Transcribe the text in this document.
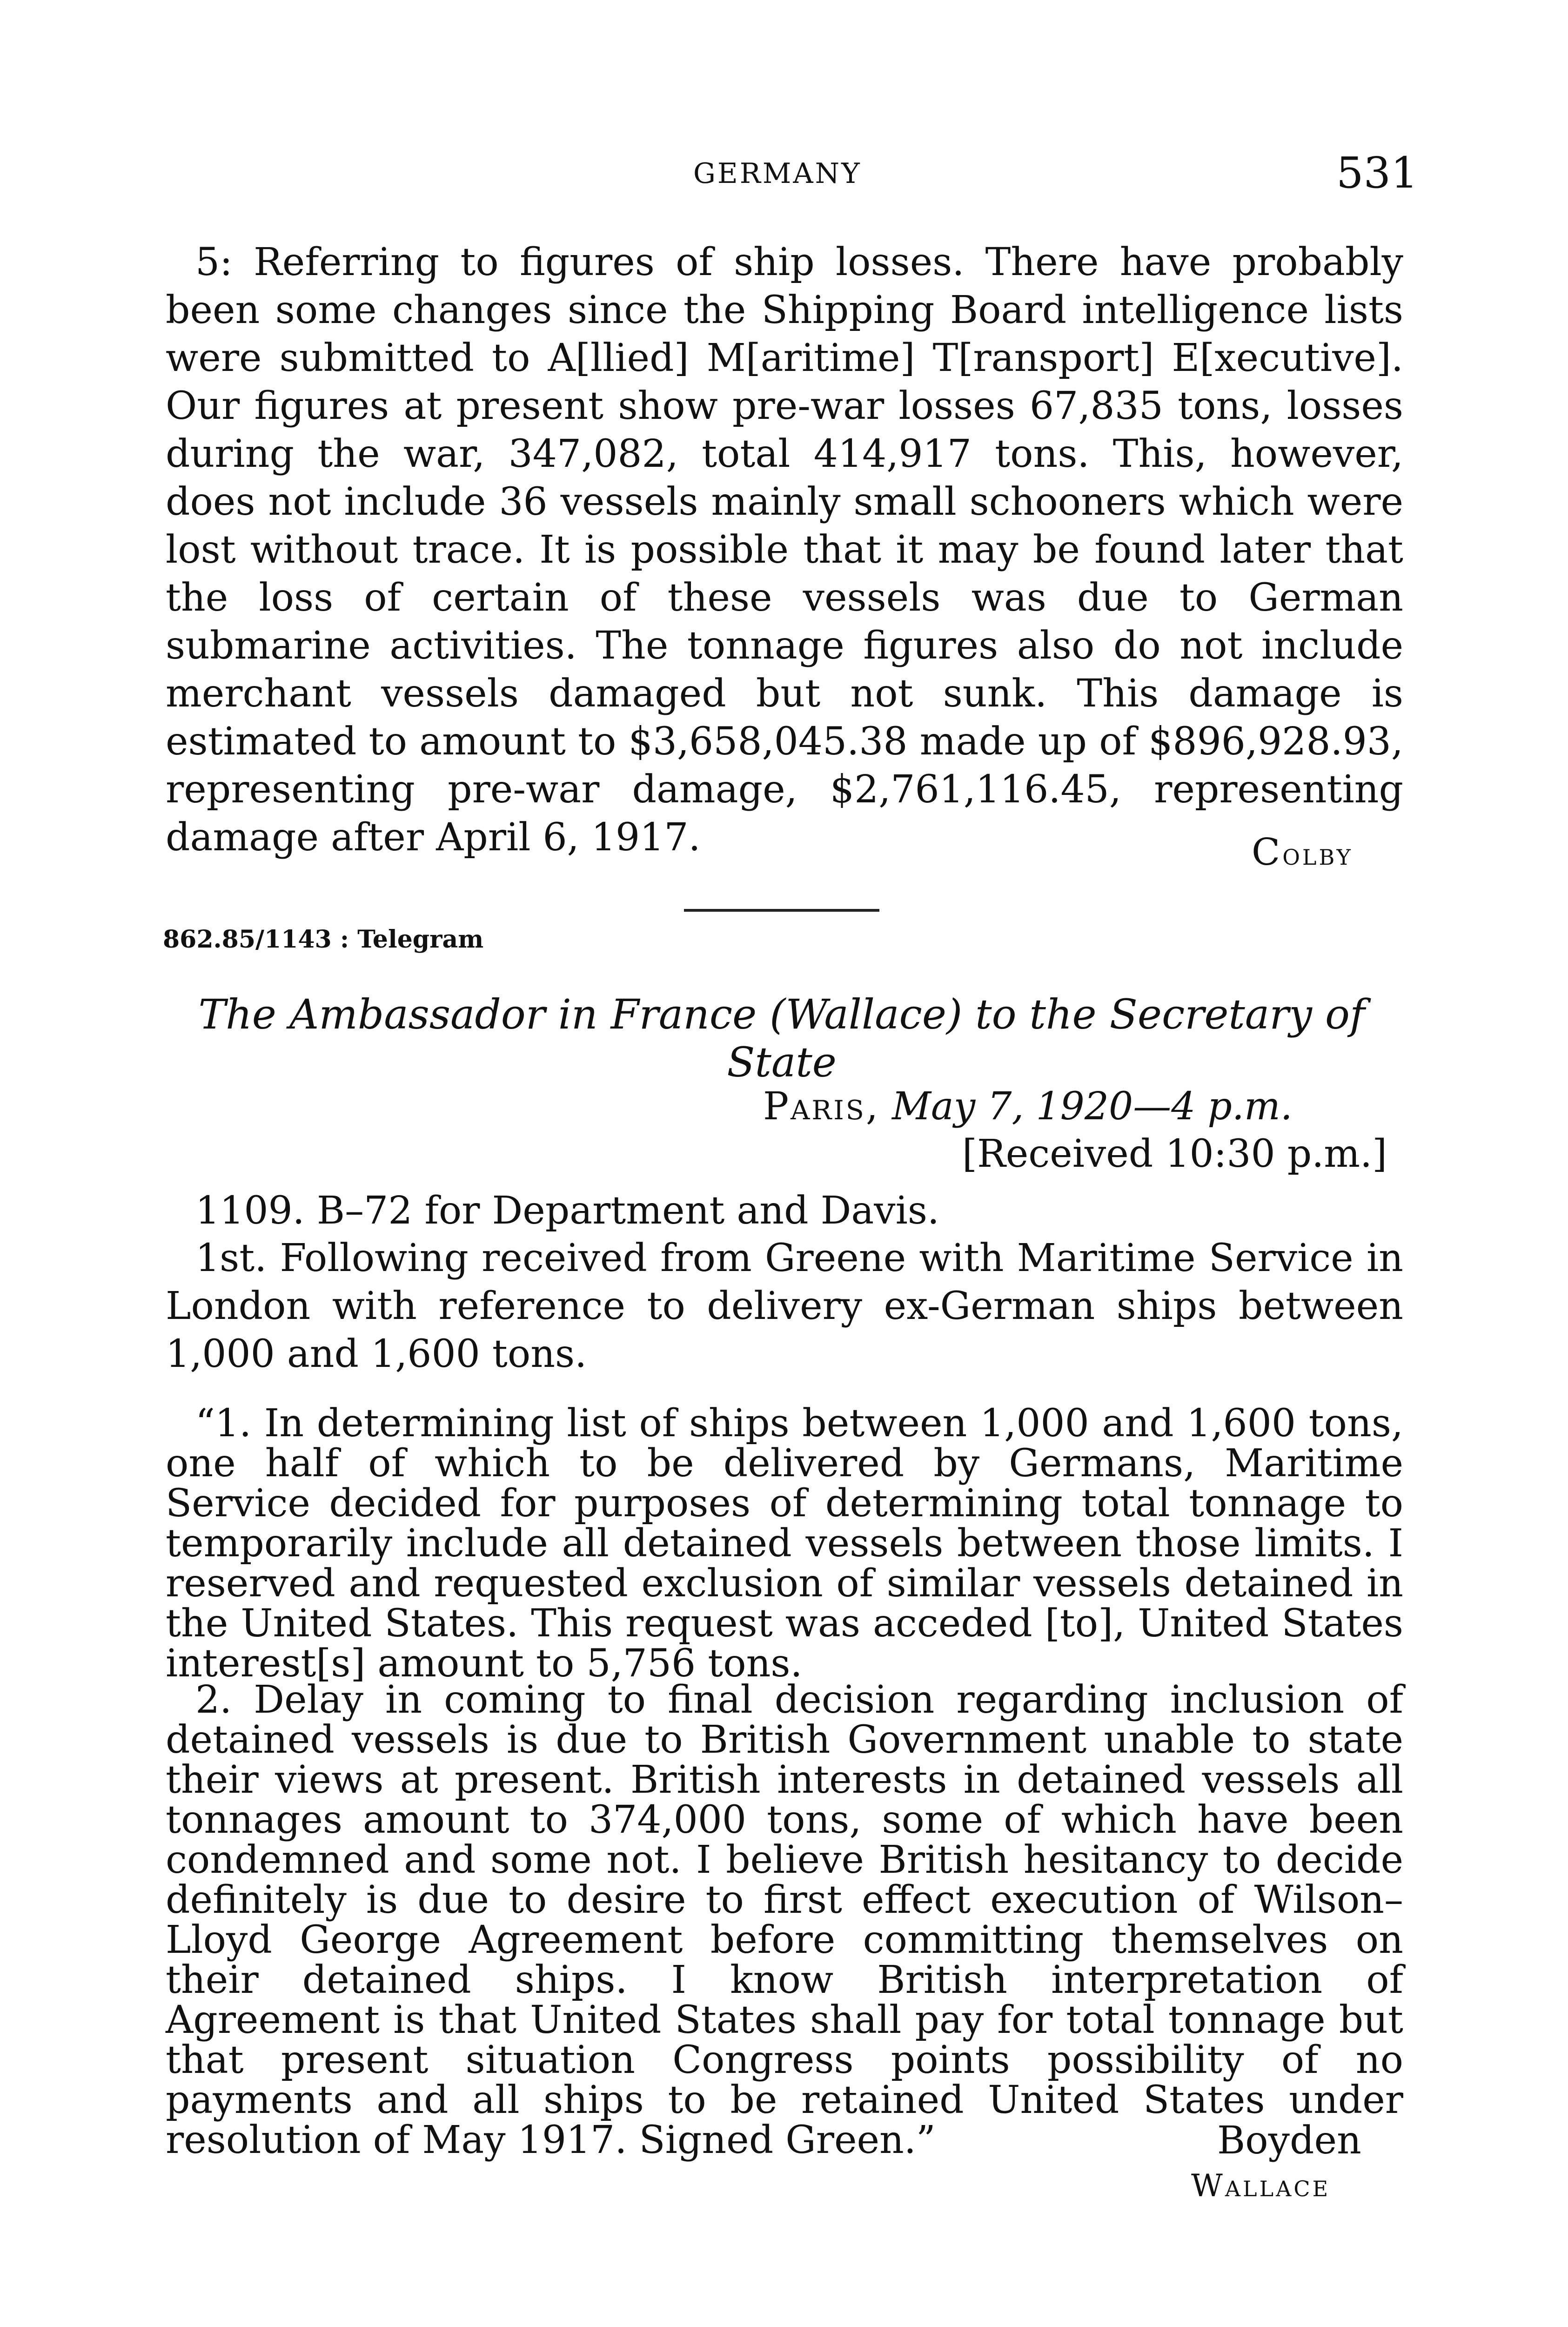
GERMANY	531

5: Referring to figures of ship losses. There have probably been some changes since the Shipping Board intelligence lists were submitted to A[llied] M[aritime] T[ransport] E[xecutive]. Our figures at present show pre-war losses 67,835 tons, losses during the war, 347,082, total 414,917 tons. This, however, does not include 36 vessels mainly small schooners which were lost without trace. It is possible that it may be found later that the loss of certain of these vessels was due to German submarine activities. The tonnage figures also do not include merchant vessels damaged but not sunk. This damage is estimated to amount to $3,658,045.38 made up of $896,928.93, representing pre-war damage, $2,761,116.45, representing damage after April 6, 1917.	Colby
862.85/1143 : Telegram
The Ambassador in France (Wallace) to the Secretary of State
Paris, May 7, 1920—4 p.m.
[Received 10:30 p.m.]

1109. B–72 for Department and Davis.

1st. Following received from Greene with Maritime Service in London with reference to delivery ex-German ships between 1,000 and 1,600 tons.

“1. In determining list of ships between 1,000 and 1,600 tons, one half of which to be delivered by Germans, Maritime Service decided for purposes of determining total tonnage to temporarily include all detained vessels between those limits. I reserved and requested exclusion of similar vessels detained in the United States. This request was acceded [to], United States interest[s] amount to 5,756 tons.

2. Delay in coming to final decision regarding inclusion of detained vessels is due to British Government unable to state their views at present. British interests in detained vessels all tonnages amount to 374,000 tons, some of which have been condemned and some not. I believe British hesitancy to decide definitely is due to desire to first effect execution of Wilson–Lloyd George Agreement before committing themselves on their detained ships. I know British interpretation of Agreement is that United States shall pay for total tonnage but that present situation Congress points possibility of no payments and all ships to be retained United States under resolution of May 1917. Signed Green.”	Boyden
Wallace
